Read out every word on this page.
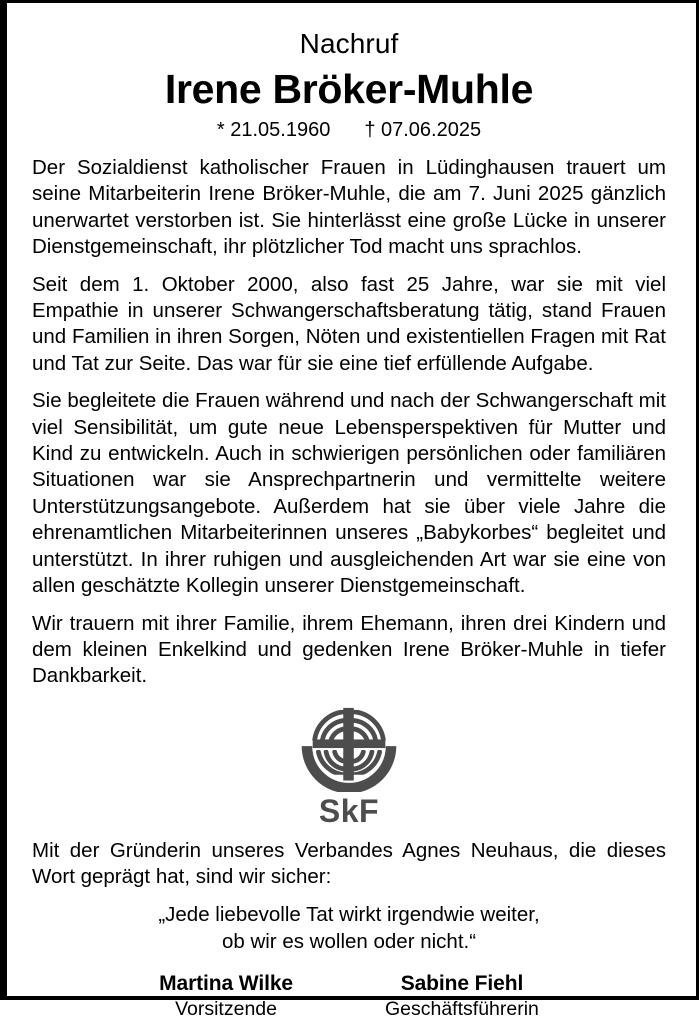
Nachruf
Irene Bröker-Muhle
* 21.05.1960 † 07.06.2025

Der Sozialdienst katholischer Frauen in Lüdinghausen trauert um seine Mitarbeiterin Irene Bröker-Muhle, die am 7. Juni 2025 gänzlich unerwartet verstorben ist. Sie hinterlässt eine große Lücke in unserer Dienstgemeinschaft, ihr plötzlicher Tod macht uns sprachlos.

Seit dem 1. Oktober 2000, also fast 25 Jahre, war sie mit viel Empathie in unserer Schwangerschaftsberatung tätig, stand Frauen und Familien in ihren Sorgen, Nöten und existentiellen Fragen mit Rat und Tat zur Seite. Das war für sie eine tief erfüllende Aufgabe.

Sie begleitete die Frauen während und nach der Schwangerschaft mit viel Sensibilität, um gute neue Lebensperspektiven für Mutter und Kind zu entwickeln. Auch in schwierigen persönlichen oder familiären Situationen war sie Ansprechpartnerin und vermittelte weitere Unterstützungsangebote. Außerdem hat sie über viele Jahre die ehrenamtlichen Mitarbeiterinnen unseres „Babykorbes“ begleitet und unterstützt. In ihrer ruhigen und ausgleichenden Art war sie eine von allen geschätzte Kollegin unserer Dienstgemeinschaft.

Wir trauern mit ihrer Familie, ihrem Ehemann, ihren drei Kindern und dem kleinen Enkelkind und gedenken Irene Bröker-Muhle in tiefer Dankbarkeit.

SkF

Mit der Gründerin unseres Verbandes Agnes Neuhaus, die dieses Wort geprägt hat, sind wir sicher:

„Jede liebevolle Tat wirkt irgendwie weiter,
ob wir es wollen oder nicht.“
Martina Wilke
Vorsitzende
Sabine Fiehl
Geschäftsführerin
